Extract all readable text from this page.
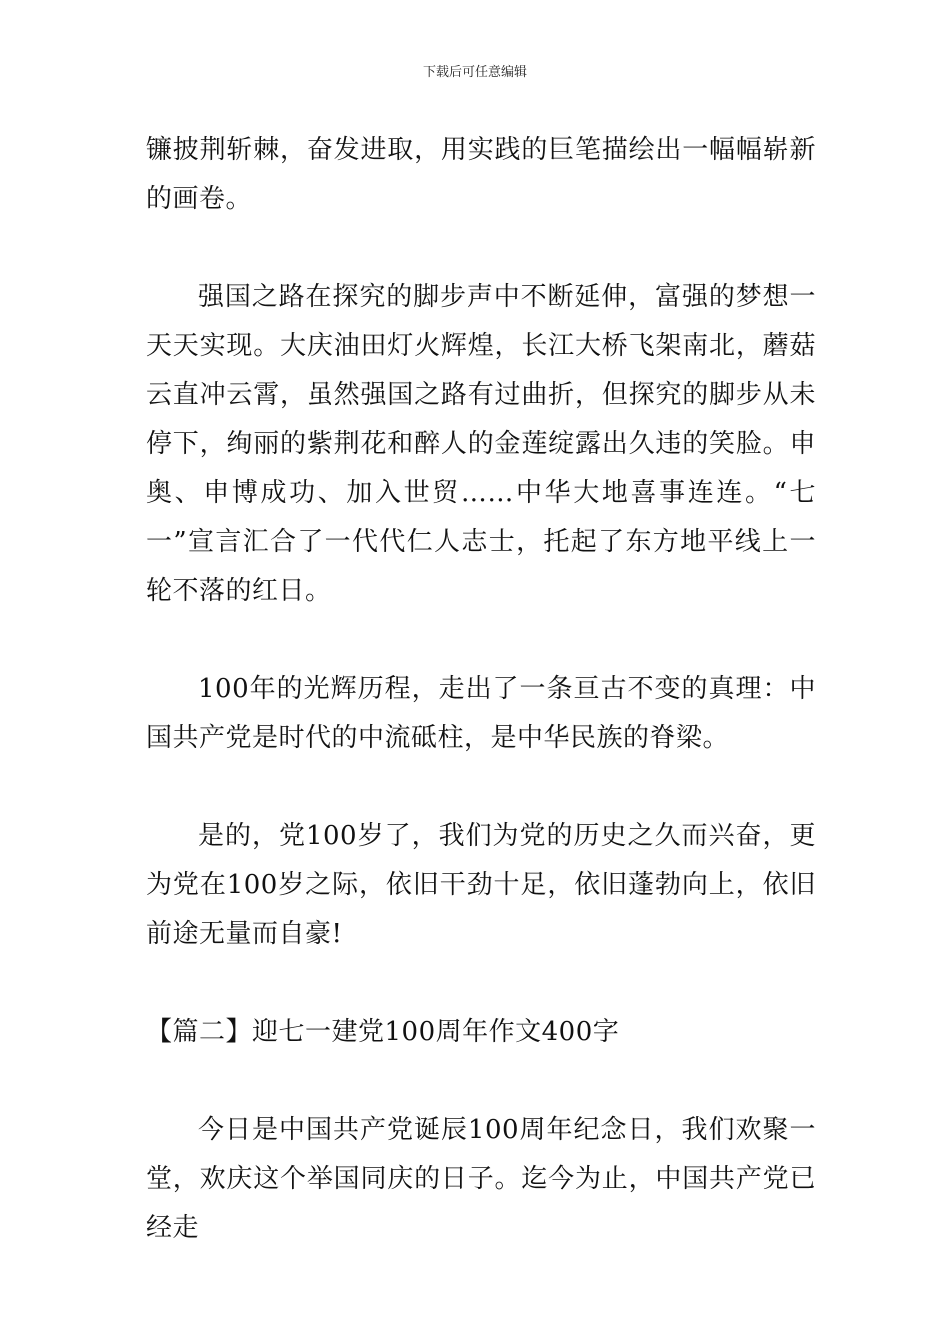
下载后可任意编辑

镰披荆斩棘，奋发进取，用实践的巨笔描绘出一幅幅崭新的画卷。

强国之路在探究的脚步声中不断延伸，富强的梦想一天天实现。大庆油田灯火辉煌，长江大桥飞架南北，蘑菇云直冲云霄，虽然强国之路有过曲折，但探究的脚步从未停下，绚丽的紫荆花和醉人的金莲绽露出久违的笑脸。申奥、申博成功、加入世贸……中华大地喜事连连。“七一”宣言汇合了一代代仁人志士，托起了东方地平线上一轮不落的红日。

100年的光辉历程，走出了一条亘古不变的真理：中国共产党是时代的中流砥柱，是中华民族的脊梁。

是的，党100岁了，我们为党的历史之久而兴奋，更为党在100岁之际，依旧干劲十足，依旧蓬勃向上，依旧前途无量而自豪!

【篇二】迎七一建党100周年作文400字

今日是中国共产党诞辰100周年纪念日，我们欢聚一堂，欢庆这个举国同庆的日子。迄今为止，中国共产党已经走
